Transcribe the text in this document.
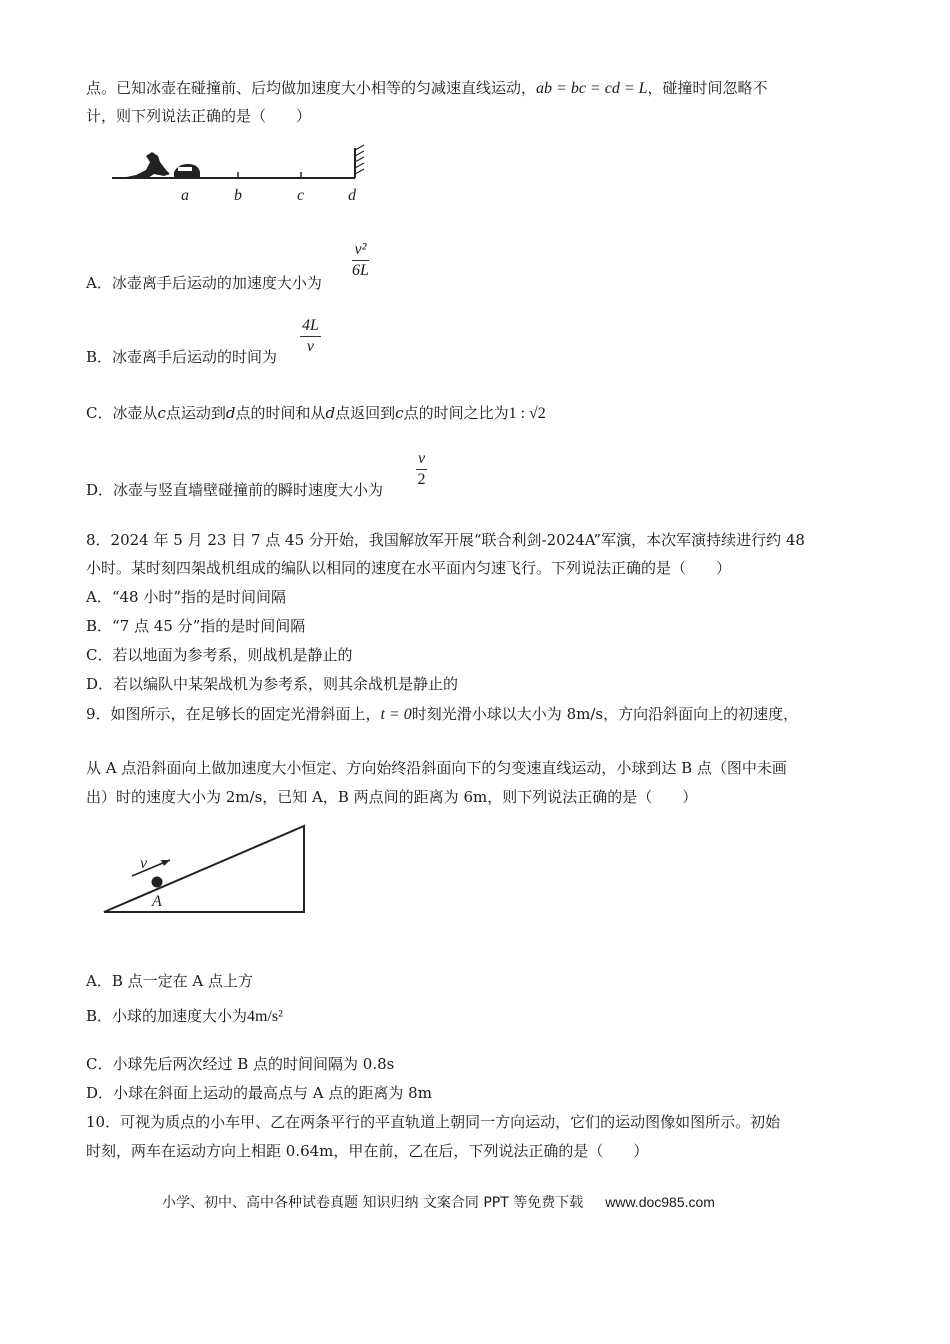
点。已知冰壶在碰撞前、后均做加速度大小相等的匀减速直线运动，ab = bc = cd = L，碰撞时间忽略不
计，则下列说法正确的是（　　）
a	b	c	d
A．冰壶离手后运动的加速度大小为
$\frac{\text{v²}}{6L}$
B．冰壶离手后运动的时间为 $\frac{4L}{v}$
C．冰壶从c点运动到d点的时间和从d点返回到c点的时间之比为1 : √2
D．冰壶与竖直墙壁碰撞前的瞬时速度大小为 $\frac{v}{2}$
8．2024 年 5 月 23 日 7 点 45 分开始，我国解放军开展“联合利剑-2024A”军演，本次军演持续进行约 48
小时。某时刻四架战机组成的编队以相同的速度在水平面内匀速飞行。下列说法正确的是（　　）
A．“48 小时”指的是时间间隔
B．“7 点 45 分”指的是时间间隔
C．若以地面为参考系，则战机是静止的
D．若以编队中某架战机为参考系，则其余战机是静止的
9．如图所示，在足够长的固定光滑斜面上，t = 0时刻光滑小球以大小为 8m/s，方向沿斜面向上的初速度，
从 A 点沿斜面向上做加速度大小恒定、方向始终沿斜面向下的匀变速直线运动，小球到达 B 点（图中未画
出）时的速度大小为 2m/s，已知 A，B 两点间的距离为 6m，则下列说法正确的是（　　）
v
A
A．B 点一定在 A 点上方
B．小球的加速度大小为4m/s²
C．小球先后两次经过 B 点的时间间隔为 0.8s
D．小球在斜面上运动的最高点与 A 点的距离为 8m
10．可视为质点的小车甲、乙在两条平行的平直轨道上朝同一方向运动，它们的运动图像如图所示。初始
时刻，两车在运动方向上相距 0.64m，甲在前，乙在后，下列说法正确的是（　　）
小学、初中、高中各种试卷真题 知识归纳 文案合同 PPT 等免费下载 www.doc985.com
